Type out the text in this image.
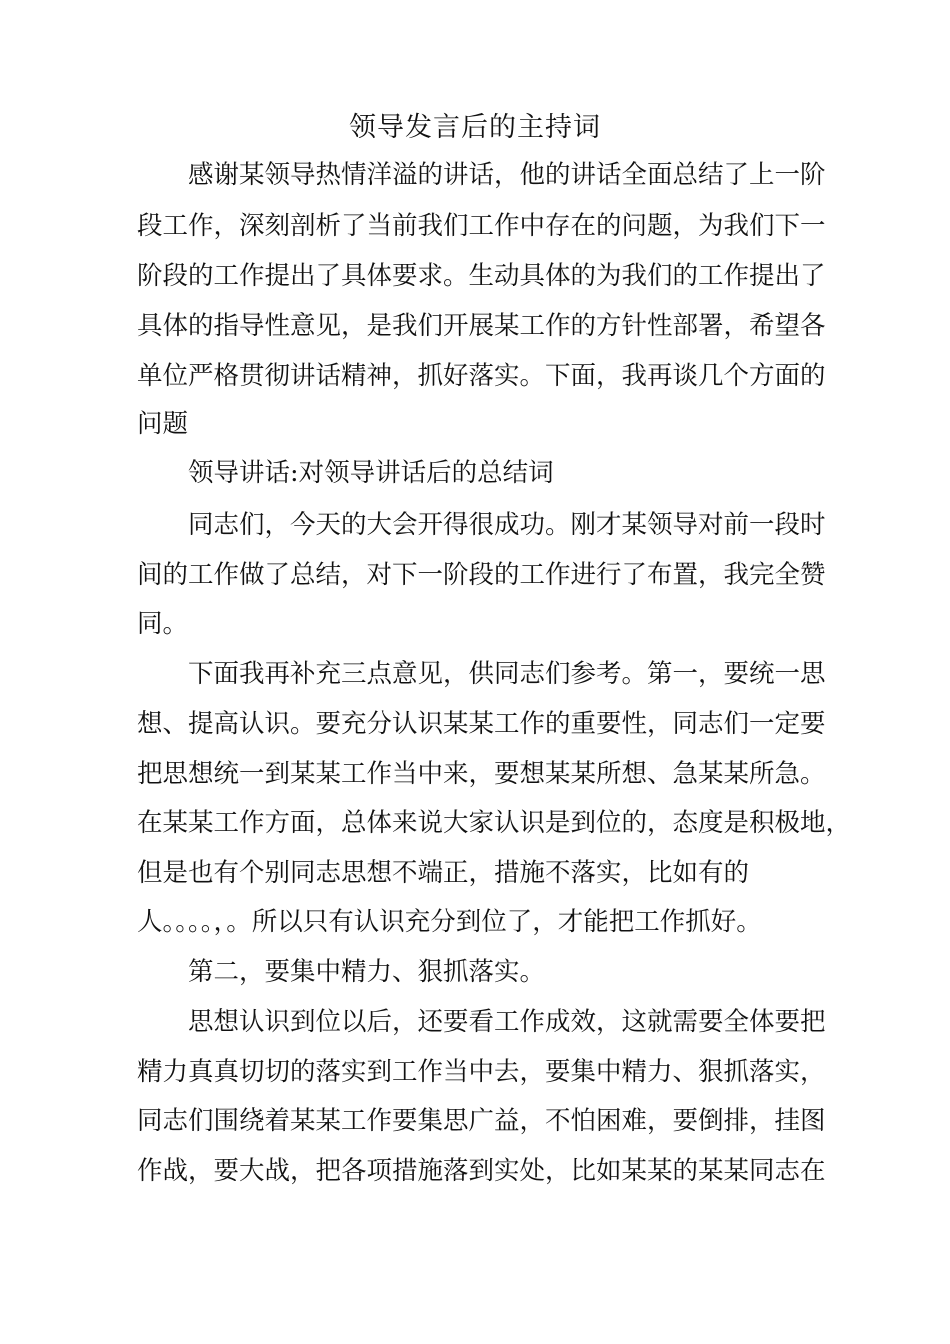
领导发言后的主持词
感谢某领导热情洋溢的讲话，他的讲话全面总结了上一阶
段工作，深刻剖析了当前我们工作中存在的问题，为我们下一
阶段的工作提出了具体要求。生动具体的为我们的工作提出了
具体的指导性意见，是我们开展某工作的方针性部署，希望各
单位严格贯彻讲话精神，抓好落实。下面，我再谈几个方面的
问题
领导讲话:对领导讲话后的总结词
同志们，今天的大会开得很成功。刚才某领导对前一段时
间的工作做了总结，对下一阶段的工作进行了布置，我完全赞
同。
下面我再补充三点意见，供同志们参考。第一，要统一思
想、提高认识。要充分认识某某工作的重要性，同志们一定要
把思想统一到某某工作当中来，要想某某所想、急某某所急。
在某某工作方面，总体来说大家认识是到位的，态度是积极地，
但是也有个别同志思想不端正，措施不落实，比如有的
人。。。。，。所以只有认识充分到位了，才能把工作抓好。
第二，要集中精力、狠抓落实。
思想认识到位以后，还要看工作成效，这就需要全体要把
精力真真切切的落实到工作当中去，要集中精力、狠抓落实，
同志们围绕着某某工作要集思广益，不怕困难，要倒排，挂图
作战，要大战，把各项措施落到实处，比如某某的某某同志在
